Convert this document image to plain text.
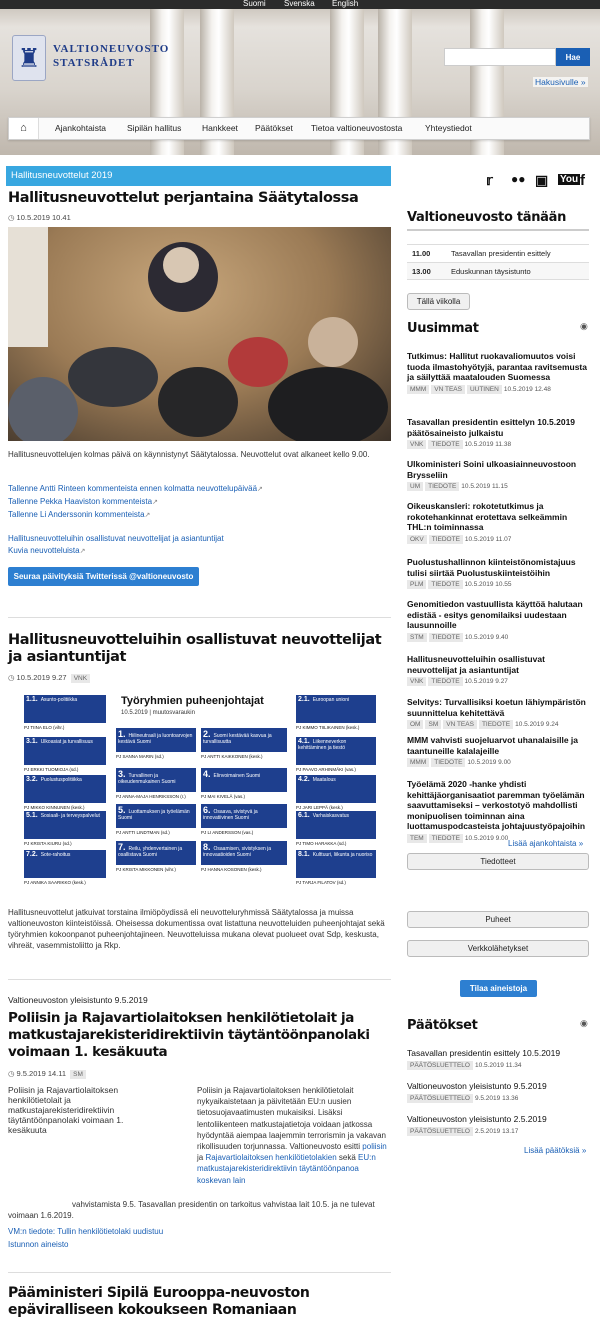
Suomi Svenska English
♜	VALTIONEUVOSTO
STATSRÅDET	Hae
Hakusivulle »
⌂	Ajankohtaista	Sipilän hallitus	Hankkeet	Päätökset	Tietoa valtioneuvostosta	Yhteystiedot
Hallitusneuvottelut 2019
Hallitusneuvottelut perjantaina Säätytalossa
◷ 10.5.2019 10.41
Hallitusneuvottelujen kolmas päivä on käynnistynyt Säätytalossa. Neuvottelut ovat alkaneet kello 9.00.
Tallenne Antti Rinteen kommenteista ennen kolmatta neuvottelupäivää↗
Tallenne Pekka Haaviston kommenteista↗
Tallenne Li Anderssonin kommenteista↗
Hallitusneuvotteluihin osallistuvat neuvottelijat ja asiantuntijat
Kuvia neuvotteluista↗
Seuraa päivityksiä Twitterissä @valtioneuvosto
Hallitusneuvotteluihin osallistuvat neuvottelijat ja asiantuntijat
◷ 10.5.2019 9.27 VNK
Työryhmien puheenjohtajat
10.5.2019 | muutosvaraukin
1.1. Asunto-politiikka
PJ TIINA ELO (vihr.)
3.1. Ulkoasiat ja turvallisuus
PJ ERKKI TUOMIOJA (sd.)
3.2. Puolustuspolitiikka
PJ MIKKO KINNUNEN (kesk.)
5.1. Sosiaali- ja terveyspalvelut
PJ KRISTA KIURU (sd.)
7.2. Sote-rahoitus
PJ ANNIKA SAARIKKO (kesk.)
2.1. Euroopan unioni
PJ KIMMO TIILIKAINEN (kesk.)
4.1. Liikenneverkon kehittäminen ja tiestö
PJ PAAVO ARHINMÄKI (vas.)
4.2. Maatalous
PJ JARI LEPPÄ (kesk.)
6.1. Varhaiskasvatus
PJ TIMO HARAKKA (sd.)
8.1. Kulttuuri, liikunta ja nuoriso
PJ TARJA FILATOV (sd.)
1. Hiilineutraali ja luontoarvojen kestävä Suomi
PJ SANNA MARIN (sd.)
2. Suomi kestävää kasvua ja turvallisuutta
PJ ANTTI KAIKKONEN (kesk.)
3. Turvallinen ja oikeudenmukainen Suomi
PJ ANNA-MAJA HENRIKSSON (r.)
4. Elinvoimainen Suomi
PJ MAI KIVELÄ (vas.)
5. Luottamuksen ja työelämän Suomi
PJ ANTTI LINDTMAN (sd.)
6. Osaava, sivistyvä ja innovatiivinen Suomi
PJ LI ANDERSSON (vas.)
7. Reilu, yhdenvertainen ja osallistava Suomi
PJ KRISTA MIKKONEN (vihr.)
8. Osaamisen, sivistyksen ja innovaatioiden Suomi
PJ HANNA KOSONEN (kesk.)
Hallitusneuvottelut jatkuivat torstaina ilmiöpöydissä eli neuvotteluryhmissä Säätytalossa ja muissa valtioneuvoston kiinteistöissä. Oheisessa dokumentissa ovat listattuna neuvotteluiden puheenjohtajat sekä työryhmien kokoonpanot puheenjohtajineen. Neuvotteluissa mukana olevat puolueet ovat Sdp, keskusta, vihreät, vasemmistoliitto ja Rkp.
Valtioneuvoston yleisistunto 9.5.2019
Poliisin ja Rajavartiolaitoksen henkilötietolait ja matkustajarekisteridirektiivin täytäntöönpanolaki voimaan 1. kesäkuuta
◷ 9.5.2019 14.11 SM
Poliisin ja Rajavartiolaitoksen henkilötietolait ja matkustajarekisteridirektiivin täytäntöönpanolaki voimaan 1. kesäkuuta
Poliisin ja Rajavartiolaitoksen henkilötietolait nykyaikaistetaan ja päivitetään EU:n uusien tietosuojavaatimusten mukaisiksi. Lisäksi lentoliikenteen matkustajatietoja voidaan jatkossa hyödyntää aiempaa laajemmin terrorismin ja vakavan rikollisuuden torjunnassa. Valtioneuvosto esitti poliisin ja Rajavartiolaitoksen henkilötietolakien sekä EU:n matkustajarekisteridirektiivin täytäntöönpanoa koskevan lain
vahvistamista 9.5. Tasavallan presidentin on tarkoitus vahvistaa lait 10.5. ja ne tulevat voimaan 1.6.2019.
VM:n tiedote: Tullin henkilötietolaki uudistuu
Istunnon aineisto
Pääministeri Sipilä Eurooppa-neuvoston epäviralliseen kokoukseen Romaniaan
𝕣 ●● ▣ You f
Valtioneuvosto tänään
11.00	Tasavallan presidentin esittely
13.00	Eduskunnan täysistunto
Tällä viikolla
Uusimmat	◉
Tutkimus: Hallitut ruokavaliomuutos voisi tuoda ilmastohyötyjä, parantaa ravitsemusta ja säilyttää maatalouden Suomessa
MMM VN TEAS UUTINEN 10.5.2019 12.48
Tasavallan presidentin esittelyn 10.5.2019 päätösaineisto julkaistu
VNK TIEDOTE 10.5.2019 11.38
Ulkoministeri Soini ulkoasiainneuvostoon Brysseliin
UM TIEDOTE 10.5.2019 11.15
Oikeuskansleri: rokotetutkimus ja rokotehankinnat erotettava selkeämmin THL:n toiminnassa
OKV TIEDOTE 10.5.2019 11.07
Puolustushallinnon kiinteistönomistajuus tulisi siirtää Puolustuskiinteistöihin
PLM TIEDOTE 10.5.2019 10.55
Genomitiedon vastuullista käyttöä halutaan edistää - esitys genomilaiksi uudestaan lausunnoille
STM TIEDOTE 10.5.2019 9.40
Hallitusneuvotteluihin osallistuvat neuvottelijat ja asiantuntijat
VNK TIEDOTE 10.5.2019 9.27
Selvitys: Turvallisiksi koetun lähiympäristön suunnittelua kehitettävä
OM SM VN TEAS TIEDOTE 10.5.2019 9.24
MMM vahvisti suojeluarvot uhanalaisille ja taantuneille kalalajeille
MMM TIEDOTE 10.5.2019 9.00
Työelämä 2020 -hanke yhdisti kehittäjäorganisaatiot paremman työelämän saavuttamiseksi – verkostotyö mahdollisti monipuolisen toiminnan aina luottamuspodcasteista johtajuustyöpajoihin
TEM TIEDOTE 10.5.2019 9.00
Lisää ajankohtaista »
Tiedotteet
Puheet
Verkkolähetykset
Tilaa aineistoja
Päätökset	◉
Tasavallan presidentin esittely 10.5.2019
PÄÄTÖSLUETTELO 10.5.2019 11.34
Valtioneuvoston yleisistunto 9.5.2019
PÄÄTÖSLUETTELO 9.5.2019 13.36
Valtioneuvoston yleisistunto 2.5.2019
PÄÄTÖSLUETTELO 2.5.2019 13.17
Lisää päätöksiä »
